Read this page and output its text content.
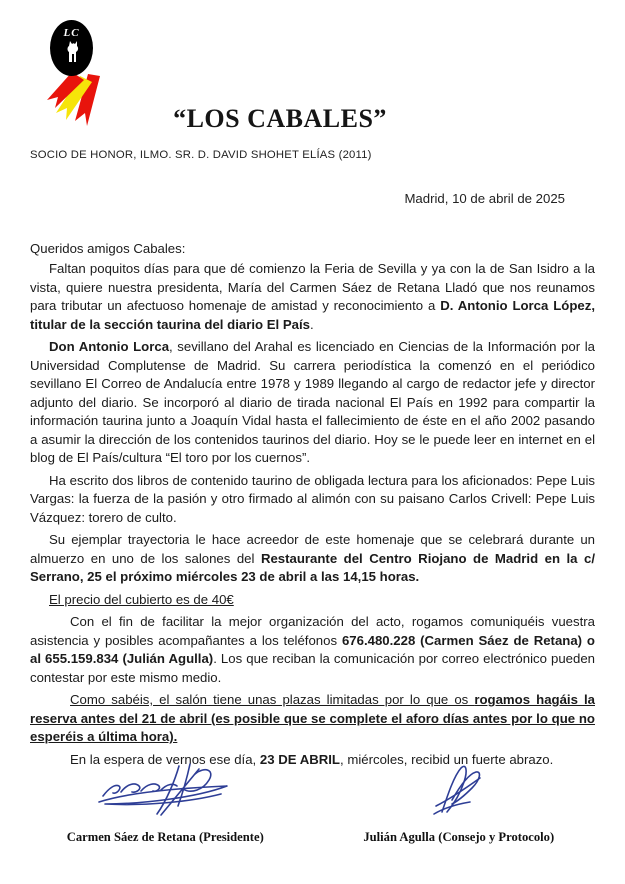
LC
“LOS CABALES”
SOCIO DE HONOR, ILMO. SR. D. DAVID SHOHET ELÍAS (2011)
Madrid, 10 de abril de 2025
Queridos amigos Cabales:

Faltan poquitos días para que dé comienzo la Feria de Sevilla y ya con la de San Isidro a la vista, quiere nuestra presidenta, María del Carmen Sáez de Retana Lladó que nos reunamos para tributar un afectuoso homenaje de amistad y reconocimiento a D. Antonio Lorca López, titular de la sección taurina del diario El País.

Don Antonio Lorca, sevillano del Arahal es licenciado en Ciencias de la Información por la Universidad Complutense de Madrid. Su carrera periodística la comenzó en el periódico sevillano El Correo de Andalucía entre 1978 y 1989 llegando al cargo de redactor jefe y director adjunto del diario. Se incorporó al diario de tirada nacional El País en 1992 para compartir la información taurina junto a Joaquín Vidal hasta el fallecimiento de éste en el año 2002 pasando a asumir la dirección de los contenidos taurinos del diario. Hoy se le puede leer en internet en el blog de El País/cultura “El toro por los cuernos”.

Ha escrito dos libros de contenido taurino de obligada lectura para los aficionados: Pepe Luis Vargas: la fuerza de la pasión y otro firmado al alimón con su paisano Carlos Crivell: Pepe Luis Vázquez: torero de culto.

Su ejemplar trayectoria le hace acreedor de este homenaje que se celebrará durante un almuerzo en uno de los salones del Restaurante del Centro Riojano de Madrid en la c/ Serrano, 25 el próximo miércoles 23 de abril a las 14,15 horas.

El precio del cubierto es de 40€

Con el fin de facilitar la mejor organización del acto, rogamos comuniquéis vuestra asistencia y posibles acompañantes a los teléfonos 676.480.228 (Carmen Sáez de Retana) o al 655.159.834 (Julián Agulla). Los que reciban la comunicación por correo electrónico pueden contestar por este mismo medio.

Como sabéis, el salón tiene unas plazas limitadas por lo que os rogamos hagáis la reserva antes del 21 de abril (es posible que se complete el aforo días antes por lo que no esperéis a última hora).

En la espera de vernos ese día, 23 DE ABRIL, miércoles, recibid un fuerte abrazo.

Carmen Sáez de Retana (Presidente)	Julián Agulla (Consejo y Protocolo)
